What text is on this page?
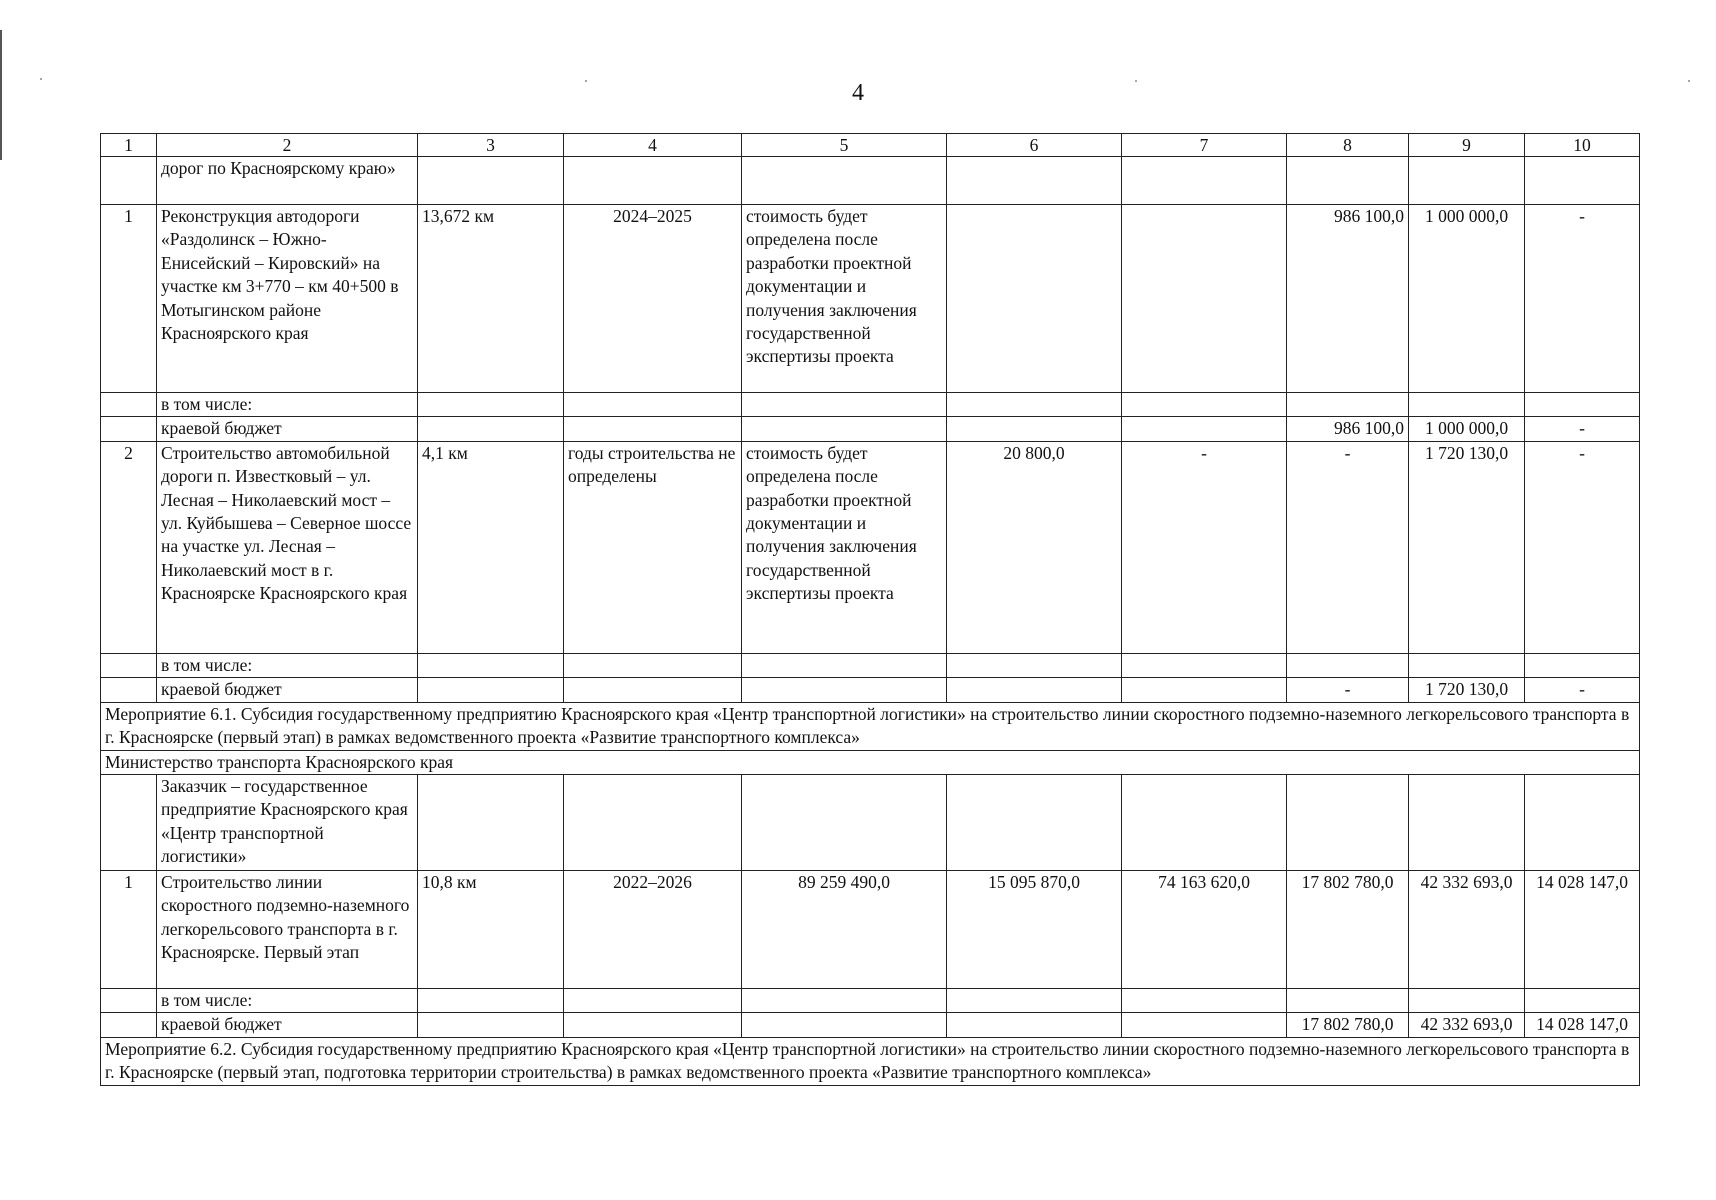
4
1	2	3	4	5	6	7	8	9	10
	дорог по Красноярскому краю»								
1	Реконструкция автодороги «Раздолинск – Южно-Енисейский – Кировский» на участке км 3+770 – км 40+500 в Мотыгинском районе Красноярского края	13,672 км	2024–2025	стоимость будет определена после разработки проектной документации и получения заключения государственной экспертизы проекта			986 100,0	1 000 000,0	-
	в том числе:								
	краевой бюджет						986 100,0	1 000 000,0	-
2	Строительство автомобильной дороги п. Известковый – ул. Лесная – Николаевский мост – ул. Куйбышева – Северное шоссе на участке ул. Лесная – Николаевский мост в г. Красноярске Красноярского края	4,1 км	годы строительства не определены	стоимость будет определена после разработки проектной документации и получения заключения государственной экспертизы проекта	20 800,0	-	-	1 720 130,0	-
	в том числе:								
	краевой бюджет						-	1 720 130,0	-
Мероприятие 6.1. Субсидия государственному предприятию Красноярского края «Центр транспортной логистики» на строительство линии скоростного подземно-наземного легкорельсового транспорта в г. Красноярске (первый этап) в рамках ведомственного проекта «Развитие транспортного комплекса»									
Министерство транспорта Красноярского края									
	Заказчик – государственное предприятие Красноярского края «Центр транспортной логистики»								
1	Строительство линии скоростного подземно-наземного легкорельсового транспорта в г. Красноярске. Первый этап	10,8 км	2022–2026	89 259 490,0	15 095 870,0	74 163 620,0	17 802 780,0	42 332 693,0	14 028 147,0
	в том числе:								
	краевой бюджет						17 802 780,0	42 332 693,0	14 028 147,0
Мероприятие 6.2. Субсидия государственному предприятию Красноярского края «Центр транспортной логистики» на строительство линии скоростного подземно-наземного легкорельсового транспорта в г. Красноярске (первый этап, подготовка территории строительства) в рамках ведомственного проекта «Развитие транспортного комплекса»									
